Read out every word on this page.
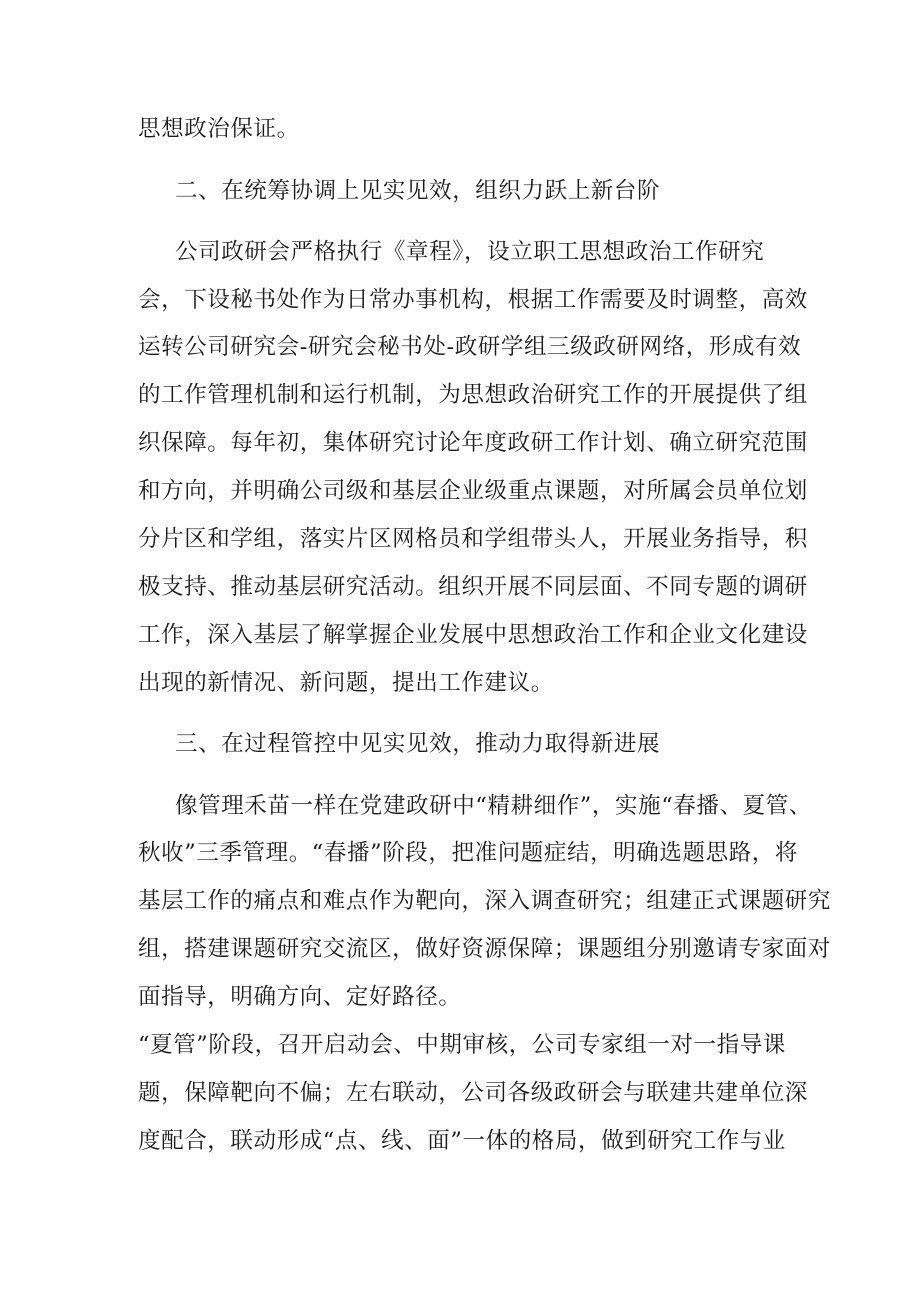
思想政治保证。
二、在统筹协调上见实见效，组织力跃上新台阶
公司政研会严格执行《章程》，设立职工思想政治工作研究
会，下设秘书处作为日常办事机构，根据工作需要及时调整，高效
运转公司研究会-研究会秘书处-政研学组三级政研网络，形成有效
的工作管理机制和运行机制，为思想政治研究工作的开展提供了组
织保障。每年初，集体研究讨论年度政研工作计划、确立研究范围
和方向，并明确公司级和基层企业级重点课题，对所属会员单位划
分片区和学组，落实片区网格员和学组带头人，开展业务指导，积
极支持、推动基层研究活动。组织开展不同层面、不同专题的调研
工作，深入基层了解掌握企业发展中思想政治工作和企业文化建设
出现的新情况、新问题，提出工作建议。
三、在过程管控中见实见效，推动力取得新进展
像管理禾苗一样在党建政研中“精耕细作”，实施“春播、夏管、
秋收”三季管理。“春播”阶段，把准问题症结，明确选题思路，将
基层工作的痛点和难点作为靶向，深入调查研究；组建正式课题研究
组，搭建课题研究交流区，做好资源保障；课题组分别邀请专家面对
面指导，明确方向、定好路径。
“夏管”阶段，召开启动会、中期审核，公司专家组一对一指导课
题，保障靶向不偏；左右联动，公司各级政研会与联建共建单位深
度配合，联动形成“点、线、面”一体的格局，做到研究工作与业
